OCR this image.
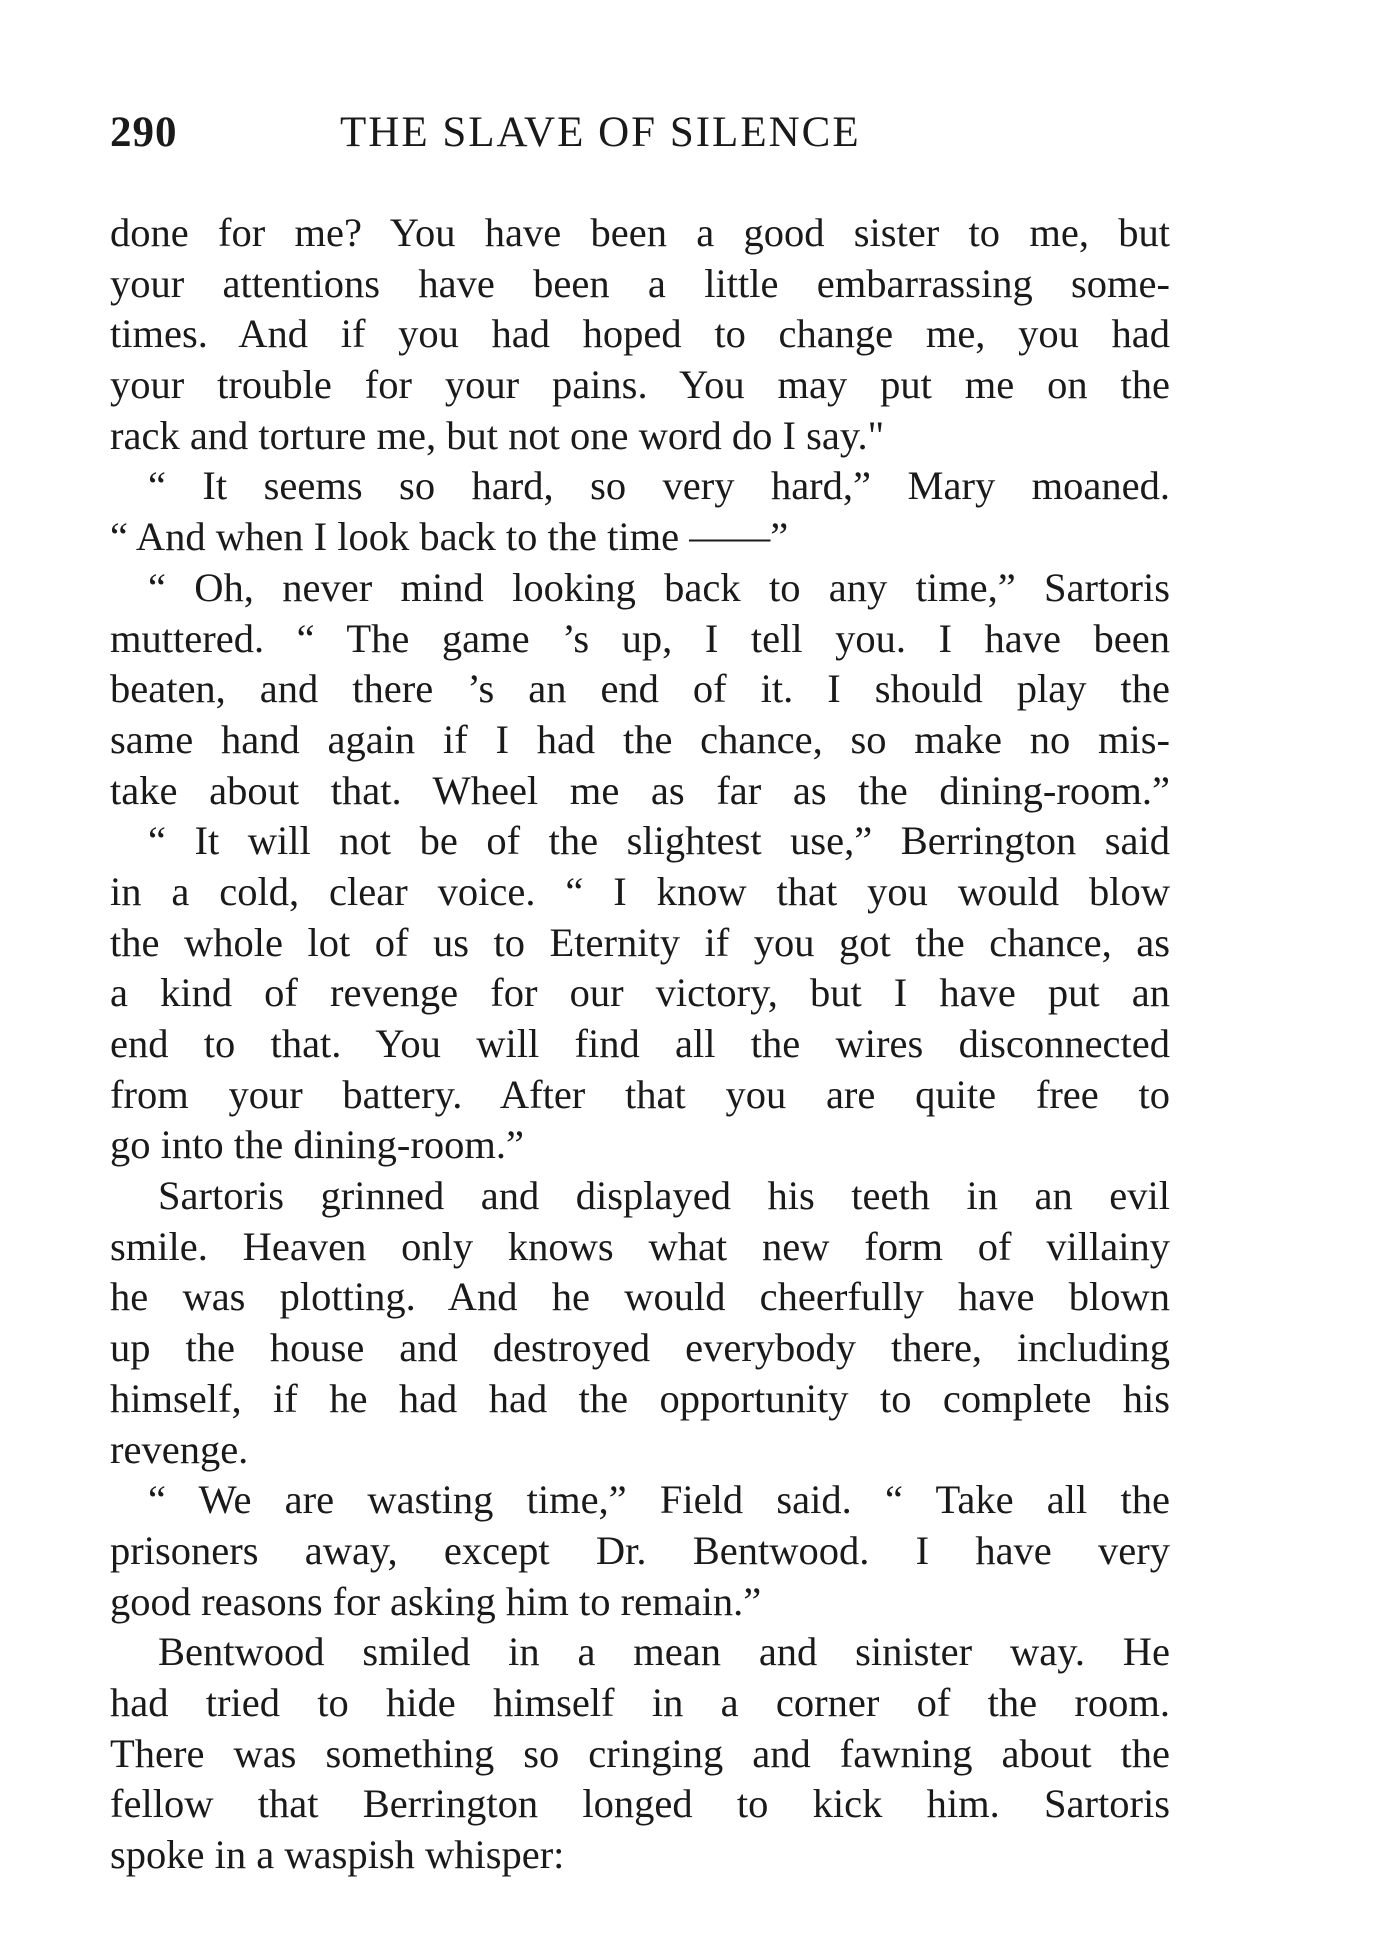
290	THE SLAVE OF SILENCE
done for me? You have been a good sister to me, but
your attentions have been a little embarrassing some-
times. And if you had hoped to change me, you had
your trouble for your pains. You may put me on the
rack and torture me, but not one word do I say."
“ It seems so hard, so very hard,” Mary moaned.
“ And when I look back to the time ——”
“ Oh, never mind looking back to any time,” Sartoris
muttered. “ The game ’s up, I tell you. I have been
beaten, and there ’s an end of it. I should play the
same hand again if I had the chance, so make no mis-
take about that. Wheel me as far as the dining-room.”
“ It will not be of the slightest use,” Berrington said
in a cold, clear voice. “ I know that you would blow
the whole lot of us to Eternity if you got the chance, as
a kind of revenge for our victory, but I have put an
end to that. You will find all the wires disconnected
from your battery. After that you are quite free to
go into the dining-room.”
Sartoris grinned and displayed his teeth in an evil
smile. Heaven only knows what new form of villainy
he was plotting. And he would cheerfully have blown
up the house and destroyed everybody there, including
himself, if he had had the opportunity to complete his
revenge.
“ We are wasting time,” Field said. “ Take all the
prisoners away, except Dr. Bentwood. I have very
good reasons for asking him to remain.”
Bentwood smiled in a mean and sinister way. He
had tried to hide himself in a corner of the room.
There was something so cringing and fawning about the
fellow that Berrington longed to kick him. Sartoris
spoke in a waspish whisper:
